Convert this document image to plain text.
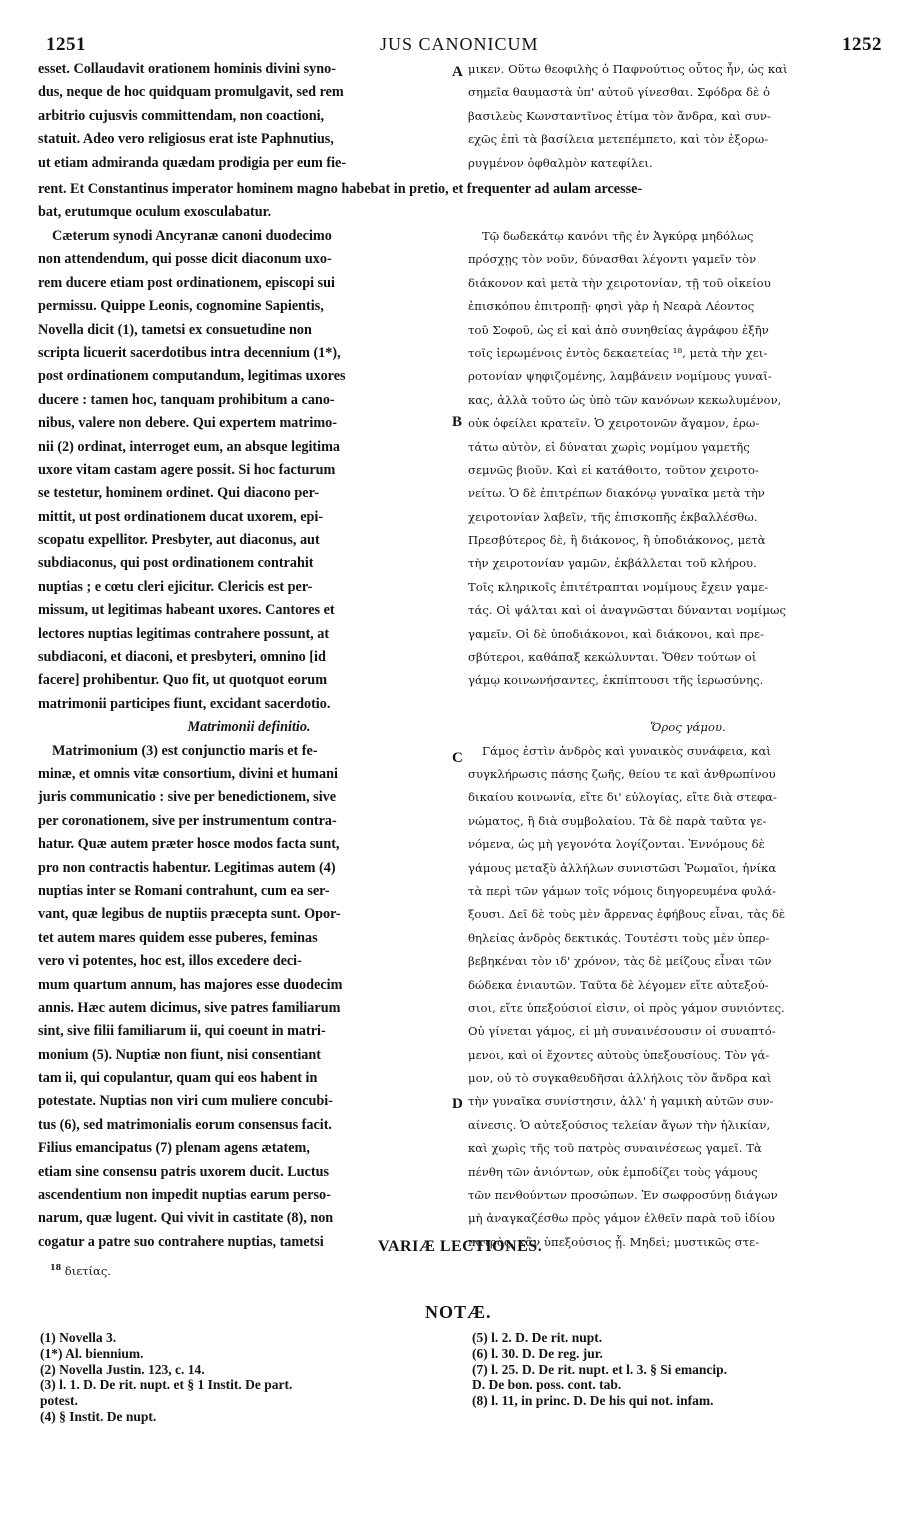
1251	JUS CANONICUM	1252
A
B
C
D
esset. Collaudavit orationem hominis divini syno-
dus, neque de hoc quidquam promulgavit, sed rem
arbitrio cujusvis committendam, non coactioni,
statuit. Adeo vero religiosus erat iste Paphnutius,
ut etiam admiranda quædam prodigia per eum fie-
μικεν. Οὕτω θεοφιλὴς ὁ Παφνούτιος οὗτος ἦν, ὡς καὶ
σημεῖα θαυμαστὰ ὑπ' αὐτοῦ γίνεσθαι. Σφόδρα δὲ ὁ
βασιλεὺς Κωνσταντῖνος ἐτίμα τὸν ἄνδρα, καὶ συν-
εχῶς ἐπὶ τὰ βασίλεια μετεπέμπετο, καὶ τὸν ἐξορω-
ρυγμένον ὀφθαλμὸν κατεφίλει.
rent. Et Constantinus imperator hominem magno habebat in pretio, et frequenter ad aulam arcesse-
bat, erutumque oculum exosculabatur.
Cæterum synodi Ancyranæ canoni duodecimo
non attendendum, qui posse dicit diaconum uxo-
rem ducere etiam post ordinationem, episcopi sui
permissu. Quippe Leonis, cognomine Sapientis,
Novella dicit (1), tametsi ex consuetudine non
scripta licuerit sacerdotibus intra decennium (1*),
post ordinationem computandum, legitimas uxores
ducere : tamen hoc, tanquam prohibitum a cano-
nibus, valere non debere. Qui expertem matrimo-
nii (2) ordinat, interroget eum, an absque legitima
uxore vitam castam agere possit. Si hoc facturum
se testetur, hominem ordinet. Qui diacono per-
mittit, ut post ordinationem ducat uxorem, epi-
scopatu expellitor. Presbyter, aut diaconus, aut
subdiaconus, qui post ordinationem contrahit
nuptias ; e cœtu cleri ejicitur. Clericis est per-
missum, ut legitimas habeant uxores. Cantores et
lectores nuptias legitimas contrahere possunt, at
subdiaconi, et diaconi, et presbyteri, omnino [id
facere] prohibentur. Quo fit, ut quotquot eorum
matrimonii participes fiunt, excidant sacerdotio.
Matrimonii definitio.
Matrimonium (3) est conjunctio maris et fe-
minæ, et omnis vitæ consortium, divini et humani
juris communicatio : sive per benedictionem, sive
per coronationem, sive per instrumentum contra-
hatur. Quæ autem præter hosce modos facta sunt,
pro non contractis habentur. Legitimas autem (4)
nuptias inter se Romani contrahunt, cum ea ser-
vant, quæ legibus de nuptiis præcepta sunt. Opor-
tet autem mares quidem esse puberes, feminas
vero vi potentes, hoc est, illos excedere deci-
mum quartum annum, has majores esse duodecim
annis. Hæc autem dicimus, sive patres familiarum
sint, sive filii familiarum ii, qui coeunt in matri-
monium (5). Nuptiæ non fiunt, nisi consentiant
tam ii, qui copulantur, quam qui eos habent in
potestate. Nuptias non viri cum muliere concubi-
tus (6), sed matrimonialis eorum consensus facit.
Filius emancipatus (7) plenam agens ætatem,
etiam sine consensu patris uxorem ducit. Luctus
ascendentium non impedit nuptias earum perso-
narum, quæ lugent. Qui vivit in castitate (8), non
cogatur a patre suo contrahere nuptias, tametsi
Τῷ δωδεκάτῳ κανόνι τῆς ἐν Ἀγκύρᾳ μηδόλως
πρόσχῃς τὸν νοῦν, δύνασθαι λέγοντι γαμεῖν τὸν
διάκονον καὶ μετὰ τὴν χειροτονίαν, τῇ τοῦ οἰκείου
ἐπισκόπου ἐπιτροπῇ· φησὶ γὰρ ἡ Νεαρὰ Λέοντος
τοῦ Σοφοῦ, ὡς εἰ καὶ ἀπὸ συνηθείας ἀγράφου ἐξῆν
τοῖς ἱερωμένοις ἐντὸς δεκαετείας ¹⁸, μετὰ τὴν χει-
ροτονίαν ψηφιζομένης, λαμβάνειν νομίμους γυναῖ-
κας, ἀλλὰ τοῦτο ὡς ὑπὸ τῶν κανόνων κεκωλυμένον,
οὐκ ὀφείλει κρατεῖν. Ὁ χειροτονῶν ἄγαμον, ἐρω-
τάτω αὐτὸν, εἰ δύναται χωρὶς νομίμου γαμετῆς
σεμνῶς βιοῦν. Καὶ εἰ κατάθοιτο, τοῦτον χειροτο-
νείτω. Ὁ δὲ ἐπιτρέπων διακόνῳ γυναῖκα μετὰ τὴν
χειροτονίαν λαβεῖν, τῆς ἐπισκοπῆς ἐκβαλλέσθω.
Πρεσβύτερος δὲ, ἢ διάκονος, ἢ ὑποδιάκονος, μετὰ
τὴν χειροτονίαν γαμῶν, ἐκβάλλεται τοῦ κλήρου.
Τοῖς κληρικοῖς ἐπιτέτραπται νομίμους ἔχειν γαμε-
τάς. Οἱ ψάλται καὶ οἱ ἀναγνῶσται δύνανται νομίμως
γαμεῖν. Οἱ δὲ ὑποδιάκονοι, καὶ διάκονοι, καὶ πρε-
σβύτεροι, καθάπαξ κεκώλυνται. Ὅθεν τούτων οἱ
γάμῳ κοινωνήσαντες, ἐκπίπτουσι τῆς ἱερωσύνης.
Ὅρος γάμου.
Γάμος ἐστὶν ἀνδρὸς καὶ γυναικὸς συνάφεια, καὶ
συγκλήρωσις πάσης ζωῆς, θείου τε καὶ ἀνθρωπίνου
δικαίου κοινωνία, εἴτε δι' εὐλογίας, εἴτε διὰ στεφα-
νώματος, ἢ διὰ συμβολαίου. Τὰ δὲ παρὰ ταῦτα γε-
νόμενα, ὡς μὴ γεγονότα λογίζονται. Ἐννόμους δὲ
γάμους μεταξὺ ἀλλήλων συνιστῶσι Ῥωμαῖοι, ἡνίκα
τὰ περὶ τῶν γάμων τοῖς νόμοις διηγορευμένα φυλά-
ξουσι. Δεῖ δὲ τοὺς μὲν ἄρρενας ἐφήβους εἶναι, τὰς δὲ
θηλείας ἀνδρὸς δεκτικάς. Τουτέστι τοὺς μὲν ὑπερ-
βεβηκέναι τὸν ιδ' χρόνον, τὰς δὲ μείζους εἶναι τῶν
δώδεκα ἐνιαυτῶν. Ταῦτα δὲ λέγομεν εἴτε αὐτεξού-
σιοι, εἴτε ὑπεξούσιοί εἰσιν, οἱ πρὸς γάμον συνιόντες.
Οὐ γίνεται γάμος, εἰ μὴ συναινέσουσιν οἱ συναπτό-
μενοι, καὶ οἱ ἔχοντες αὐτοὺς ὑπεξουσίους. Τὸν γά-
μον, οὐ τὸ συγκαθευδῆσαι ἀλλήλοις τὸν ἄνδρα καὶ
τὴν γυναῖκα συνίστησιν, ἀλλ' ἡ γαμικὴ αὐτῶν συν-
αίνεσις. Ὁ αὐτεξούσιος τελείαν ἄγων τὴν ἡλικίαν,
καὶ χωρὶς τῆς τοῦ πατρὸς συναινέσεως γαμεῖ. Τὰ
πένθη τῶν ἀνιόντων, οὐκ ἐμποδίζει τοὺς γάμους
τῶν πενθούντων προσώπων. Ἐν σωφροσύνῃ διάγων
μὴ ἀναγκαζέσθω πρὸς γάμον ἐλθεῖν παρὰ τοῦ ἰδίου
πατρὸς, κἂν ὑπεξούσιος ᾖ. Μηδεὶ; μυστικῶς στε-
VARIÆ LECTIONES.
$^{18}$ διετίας.
NOTÆ.
(1) Novella 3.
(1*) Al. biennium.
(2) Novella Justin. 123, c. 14.
(3) l. 1. D. De rit. nupt. et § 1 Instit. De part.
potest.
(4) § Instit. De nupt.
(5) l. 2. D. De rit. nupt.
(6) l. 30. D. De reg. jur.
(7) l. 25. D. De rit. nupt. et l. 3. § Si emancip.
D. De bon. poss. cont. tab.
(8) l. 11, in princ. D. De his qui not. infam.
